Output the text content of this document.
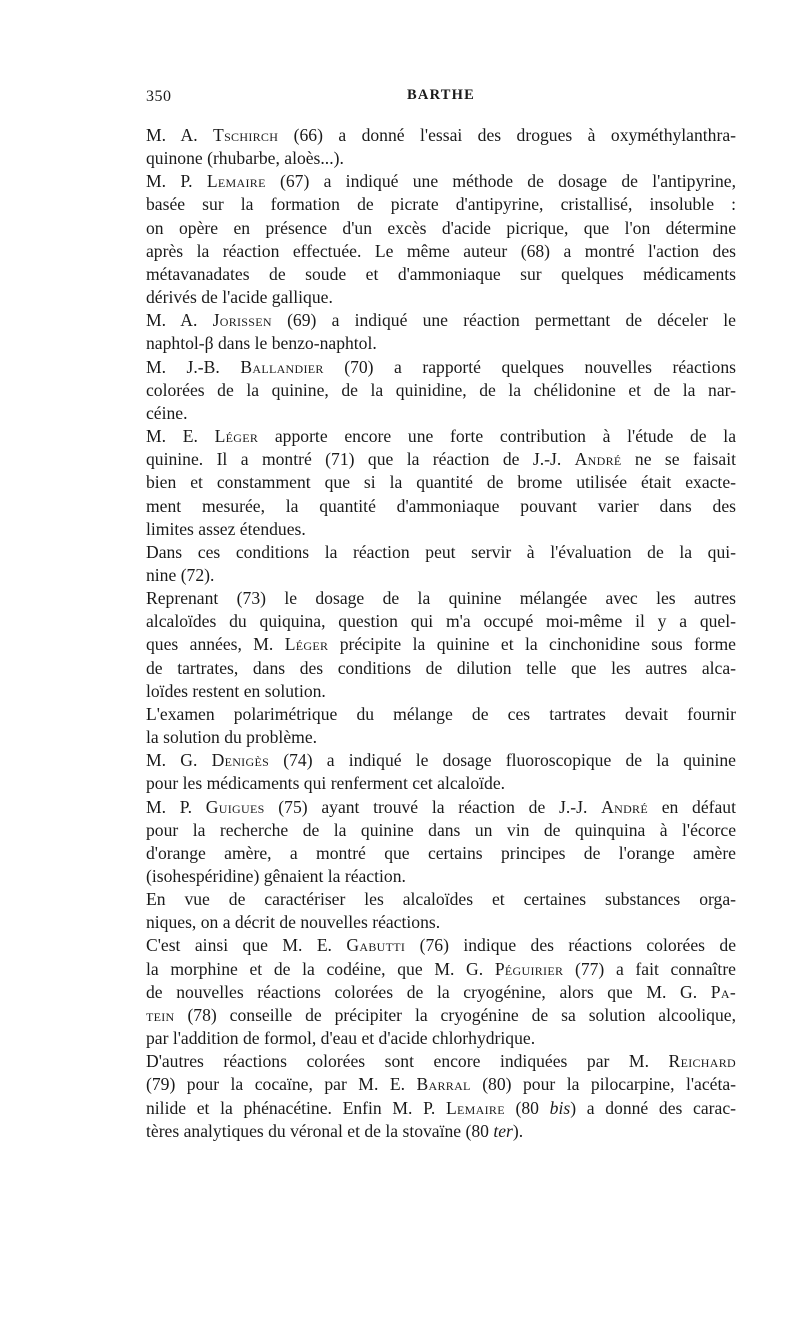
350	BARTHE

M. A. Tschirch (66) a donné l'essai des drogues à oxyméthylanthra-
quinone (rhubarbe, aloès...).

M. P. Lemaire (67) a indiqué une méthode de dosage de l'antipyrine,
basée sur la formation de picrate d'antipyrine, cristallisé, insoluble :
on opère en présence d'un excès d'acide picrique, que l'on détermine
après la réaction effectuée. Le même auteur (68) a montré l'action des
métavanadates de soude et d'ammoniaque sur quelques médicaments
dérivés de l'acide gallique.

M. A. Jorissen (69) a indiqué une réaction permettant de déceler le
naphtol-β dans le benzo-naphtol.

M. J.-B. Ballandier (70) a rapporté quelques nouvelles réactions
colorées de la quinine, de la quinidine, de la chélidonine et de la nar-
céine.

M. E. Léger apporte encore une forte contribution à l'étude de la
quinine. Il a montré (71) que la réaction de J.-J. André ne se faisait
bien et constamment que si la quantité de brome utilisée était exacte-
ment mesurée, la quantité d'ammoniaque pouvant varier dans des
limites assez étendues.

Dans ces conditions la réaction peut servir à l'évaluation de la qui-
nine (72).

Reprenant (73) le dosage de la quinine mélangée avec les autres
alcaloïdes du quiquina, question qui m'a occupé moi-même il y a quel-
ques années, M. Léger précipite la quinine et la cinchonidine sous forme
de tartrates, dans des conditions de dilution telle que les autres alca-
loïdes restent en solution.

L'examen polarimétrique du mélange de ces tartrates devait fournir
la solution du problème.

M. G. Denigès (74) a indiqué le dosage fluoroscopique de la quinine
pour les médicaments qui renferment cet alcaloïde.

M. P. Guigues (75) ayant trouvé la réaction de J.-J. André en défaut
pour la recherche de la quinine dans un vin de quinquina à l'écorce
d'orange amère, a montré que certains principes de l'orange amère
(isohespéridine) gênaient la réaction.

En vue de caractériser les alcaloïdes et certaines substances orga-
niques, on a décrit de nouvelles réactions.

C'est ainsi que M. E. Gabutti (76) indique des réactions colorées de
la morphine et de la codéine, que M. G. Péguirier (77) a fait connaître
de nouvelles réactions colorées de la cryogénine, alors que M. G. Pa-
tein (78) conseille de précipiter la cryogénine de sa solution alcoolique,
par l'addition de formol, d'eau et d'acide chlorhydrique.

D'autres réactions colorées sont encore indiquées par M. Reichard
(79) pour la cocaïne, par M. E. Barral (80) pour la pilocarpine, l'acéta-
nilide et la phénacétine. Enfin M. P. Lemaire (80 bis) a donné des carac-
tères analytiques du véronal et de la stovaïne (80 ter).
